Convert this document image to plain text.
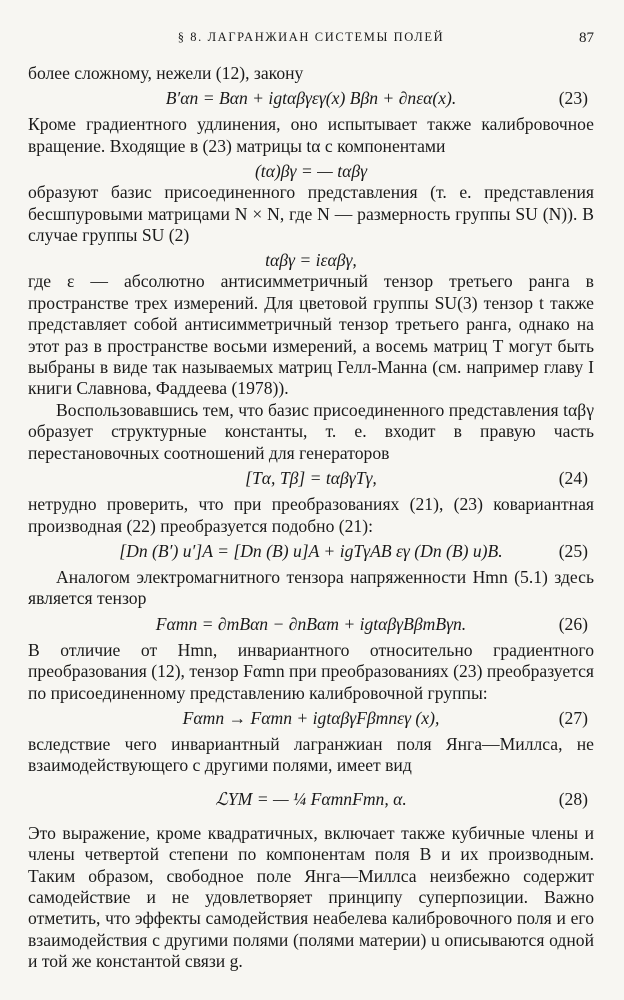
§ 8. ЛАГРАНЖИАН СИСТЕМЫ ПОЛЕЙ	87

более сложному, нежели (12), закону

B′αn = Bαn + igtαβγεγ(x) Bβn + ∂nεα(x).	(23)

Кроме градиентного удлинения, оно испытывает также калибровочное вращение. Входящие в (23) матрицы tα с компонентами

(tα)βγ = — tαβγ

образуют базис присоединенного представления (т. е. представления бесшпуровыми матрицами N × N, где N — размерность группы SU (N)). В случае группы SU (2)

tαβγ = iεαβγ,

где ε — абсолютно антисимметричный тензор третьего ранга в пространстве трех измерений. Для цветовой группы SU(3) тензор t также представляет собой антисимметричный тензор третьего ранга, однако на этот раз в пространстве восьми измерений, а восемь матриц T могут быть выбраны в виде так называемых матриц Гелл-Манна (см. например главу I книги Славнова, Фаддеева (1978)).

Воспользовавшись тем, что базис присоединенного представления tαβγ образует структурные константы, т. е. входит в правую часть перестановочных соотношений для генераторов

[Tα, Tβ] = tαβγTγ,	(24)

нетрудно проверить, что при преобразованиях (21), (23) ковариантная производная (22) преобразуется подобно (21):

[Dn (B′) u′]A = [Dn (B) u]A + igTγAB εγ (Dn (B) u)B.	(25)

Аналогом электромагнитного тензора напряженности Hmn (5.1) здесь является тензор

Fαmn = ∂mBαn − ∂nBαm + igtαβγBβmBγn.	(26)

В отличие от Hmn, инвариантного относительно градиентного преобразования (12), тензор Fαmn при преобразованиях (23) преобразуется по присоединенному представлению калибровочной группы:

Fαmn → Fαmn + igtαβγFβmnεγ (x),	(27)

вследствие чего инвариантный лагранжиан поля Янга—Миллса, не взаимодействующего с другими полями, имеет вид

ℒYM = — ¼ FαmnFmn, α.	(28)

Это выражение, кроме квадратичных, включает также кубичные члены и члены четвертой степени по компонентам поля B и их производным. Таким образом, свободное поле Янга—Миллса неизбежно содержит самодействие и не удовлетворяет принципу суперпозиции. Важно отметить, что эффекты самодействия неабелева калибровочного поля и его взаимодействия с другими полями (полями материи) u описываются одной и той же константой связи g.
